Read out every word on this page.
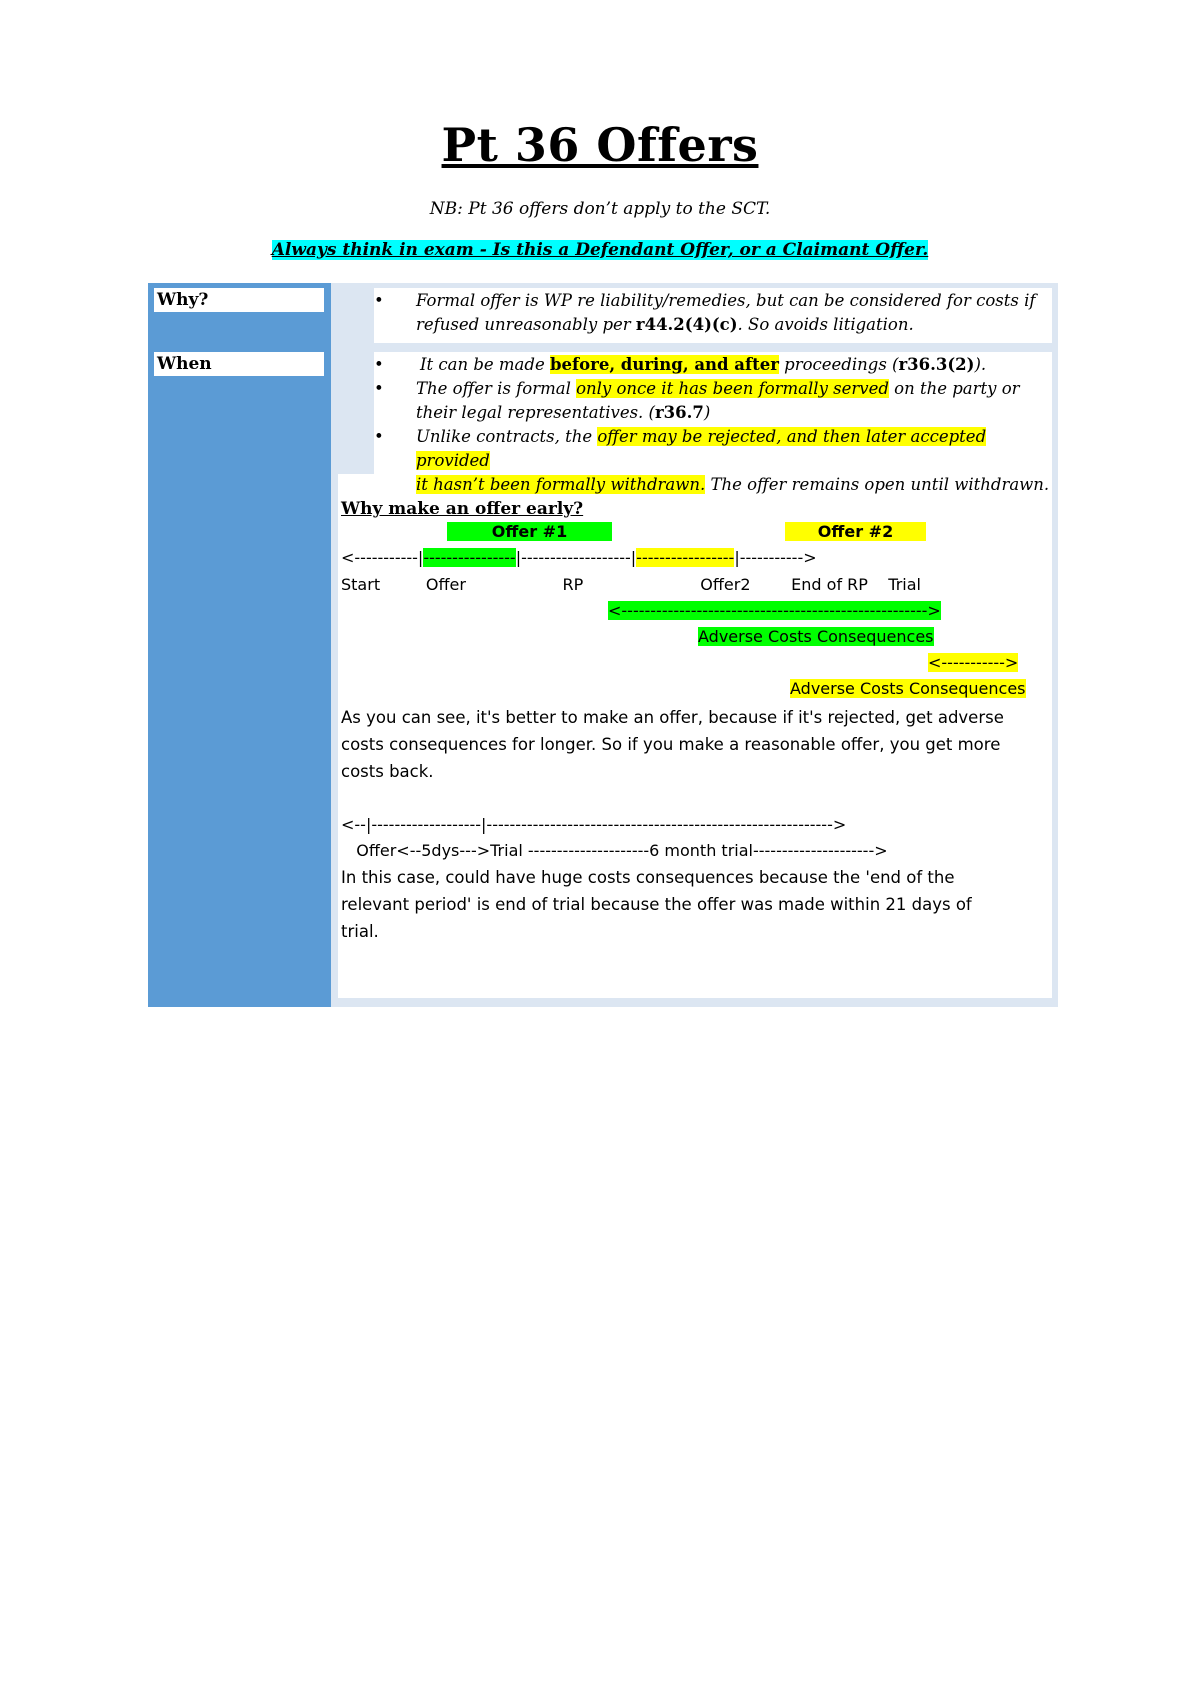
Pt 36 Offers
NB: Pt 36 offers don’t apply to the SCT.
Always think in exam - Is this a Defendant Offer, or a Claimant Offer.
Why?	• Formal offer is WP re liability/remedies, but can be considered for costs if
refused unreasonably per r44.2(4)(c). So avoids litigation.
When	• It can be made before, during, and after proceedings (r36.3(2)).
• The offer is formal only once it has been formally served on the party or
their legal representatives. (r36.7)
• Unlike contracts, the offer may be rejected, and then later accepted provided
it hasn’t been formally withdrawn. The offer remains open until withdrawn.
Why make an offer early?
Offer #1	Offer #2
<-----------|----------------|-------------------|-----------------|----------->
Start         Offer                   RP                       Offer2        End of RP    Trial
<----------------------------------------------------->
Adverse Costs Consequences
<----------->
Adverse Costs Consequences
As you can see, it's better to make an offer, because if it's rejected, get adverse
costs consequences for longer. So if you make a reasonable offer, you get more
costs back.
<--|-------------------|------------------------------------------------------------>
Offer<--5dys--->Trial ---------------------6 month trial--------------------->
In this case, could have huge costs consequences because the 'end of the
relevant period' is end of trial because the offer was made within 21 days of
trial.
